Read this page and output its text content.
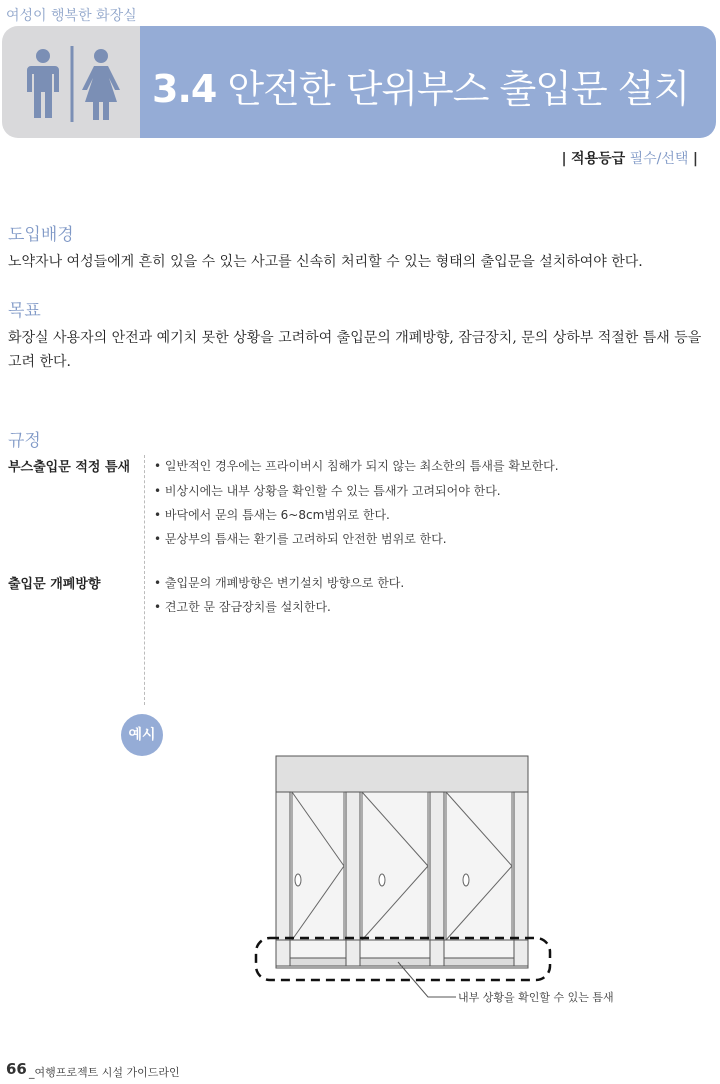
여성이 행복한 화장실
3.4 안전한 단위부스 출입문 설치
| 적용등급 필수/선택 |
도입배경
노약자나 여성들에게 흔히 있을 수 있는 사고를 신속히 처리할 수 있는 형태의 출입문을 설치하여야 한다.
목표
화장실 사용자의 안전과 예기치 못한 상황을 고려하여 출입문의 개폐방향, 잠금장치, 문의 상하부 적절한 틈새 등을
고려 한다.
규정
부스출입문 적정 틈새 • 일반적인 경우에는 프라이버시 침해가 되지 않는 최소한의 틈새를 확보한다.
• 비상시에는 내부 상황을 확인할 수 있는 틈새가 고려되어야 한다.
• 바닥에서 문의 틈새는 6~8cm범위로 한다.
• 문상부의 틈새는 환기를 고려하되 안전한 범위로 한다.
출입문 개폐방향	• 출입문의 개폐방향은 변기설치 방향으로 한다.
• 견고한 문 잠금장치를 설치한다.
예시
내부 상황을 확인할 수 있는 틈새
66 _여행프로젝트 시설 가이드라인
